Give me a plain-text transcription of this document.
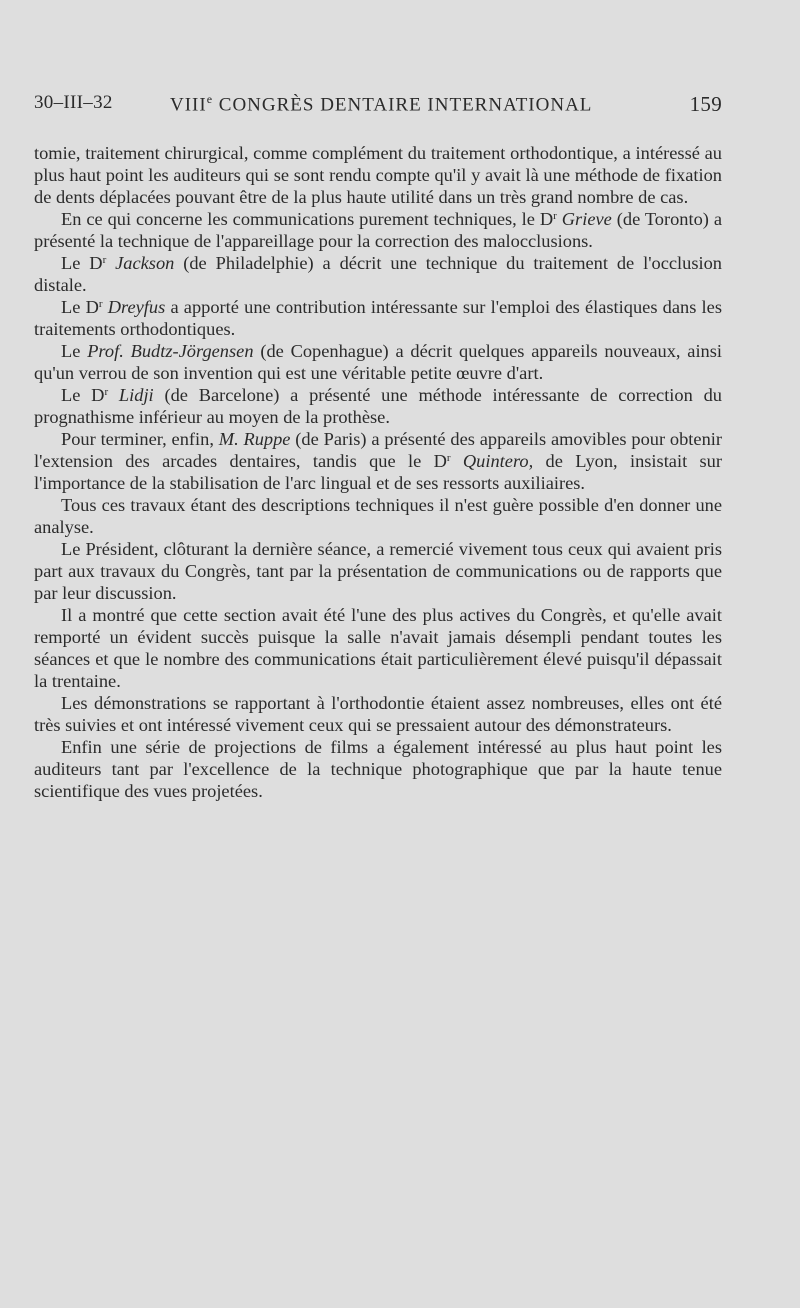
30–III–32	VIIIe CONGRÈS DENTAIRE INTERNATIONAL	159

tomie, traitement chirurgical, comme complément du traitement orthodontique, a intéressé au plus haut point les auditeurs qui se sont rendu compte qu'il y avait là une méthode de fixation de dents déplacées pouvant être de la plus haute utilité dans un très grand nombre de cas.

En ce qui concerne les communications purement techniques, le $D^r$ Grieve (de Toronto) a présenté la technique de l'appareillage pour la correction des malocclusions.

Le $D^r$ Jackson (de Philadelphie) a décrit une technique du traitement de l'occlusion distale.

Le $D^r$ Dreyfus a apporté une contribution intéressante sur l'emploi des élastiques dans les traitements orthodontiques.

Le Prof. Budtz-Jörgensen (de Copenhague) a décrit quelques appareils nouveaux, ainsi qu'un verrou de son invention qui est une véritable petite œuvre d'art.

Le $D^r$ Lidji (de Barcelone) a présenté une méthode intéressante de correction du prognathisme inférieur au moyen de la prothèse.

Pour terminer, enfin, M. Ruppe (de Paris) a présenté des appareils amovibles pour obtenir l'extension des arcades dentaires, tandis que le $D^r$ Quintero, de Lyon, insistait sur l'importance de la stabilisation de l'arc lingual et de ses ressorts auxiliaires.

Tous ces travaux étant des descriptions techniques il n'est guère possible d'en donner une analyse.

Le Président, clôturant la dernière séance, a remercié vivement tous ceux qui avaient pris part aux travaux du Congrès, tant par la présentation de communications ou de rapports que par leur discussion.

Il a montré que cette section avait été l'une des plus actives du Congrès, et qu'elle avait remporté un évident succès puisque la salle n'avait jamais désempli pendant toutes les séances et que le nombre des communications était particulièrement élevé puisqu'il dépassait la trentaine.

Les démonstrations se rapportant à l'orthodontie étaient assez nombreuses, elles ont été très suivies et ont intéressé vivement ceux qui se pressaient autour des démonstrateurs.

Enfin une série de projections de films a également intéressé au plus haut point les auditeurs tant par l'excellence de la technique photographique que par la haute tenue scientifique des vues projetées.
